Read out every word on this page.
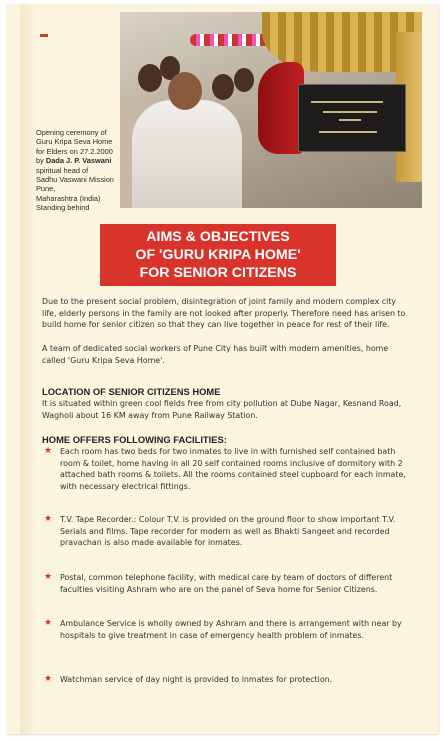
Opening ceremony of
Guru Kripa Seva Home
for Elders on 27.2.2000
by Dada J. P. Vaswani
spiritual head of
Sadhu Vaswani Mission
Pune,
Maharashtra (India)
Standing behind
AIMS & OBJECTIVES
OF 'GURU KRIPA HOME'
FOR SENIOR CITIZENS
Due to the present social problem, disintegration of joint family and modern complex city life, elderly persons in the family are not looked after properly. Therefore need has arisen to build home for senior citizen so that they can live together in peace for rest of their life.
A team of dedicated social workers of Pune City has built with modern amenities, home called 'Guru Kripa Seva Home'.
LOCATION OF SENIOR CITIZENS HOME
It is situated within green cool fields free from city pollution at Dube Nagar, Kesnand Road, Wagholi about 16 KM away from Pune Railway Station.
HOME OFFERS FOLLOWING FACILITIES:
★	Each room has two beds for two inmates to live in with furnished self contained bath room & toilet, home having in all 20 self contained rooms inclusive of dormitory with 2 attached bath rooms & toilets. All the rooms contained steel cupboard for each inmate, with necessary electrical fittings.
★	T.V. Tape Recorder.: Colour T.V. is provided on the ground floor to show important T.V. Serials and films. Tape recorder for modern as well as Bhakti Sangeet and recorded pravachan is also made available for inmates.
★	Postal, common telephone facility, with medical care by team of doctors of different faculties visiting Ashram who are on the panel of Seva home for Senior Citizens.
★	Ambulance Service is wholly owned by Ashram and there is arrangement with near by hospitals to give treatment in case of emergency health problem of inmates.
★	Watchman service of day night is provided to inmates for protection.
